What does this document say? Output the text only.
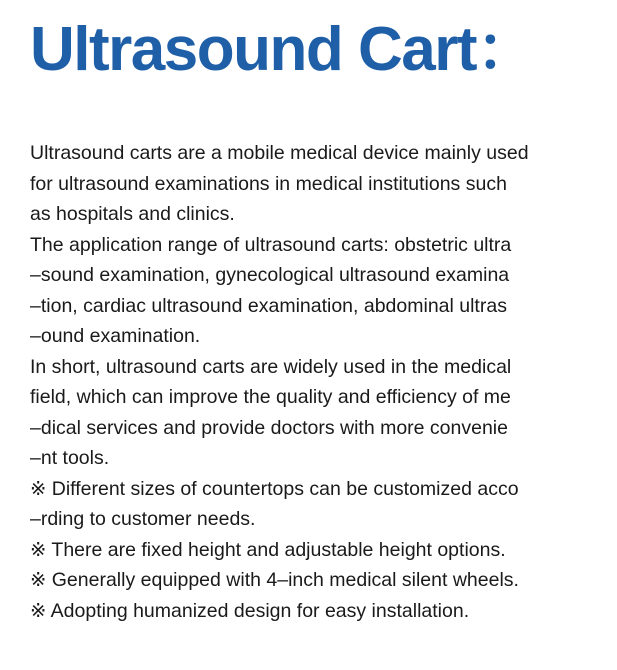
Ultrasound Cart：
Ultrasound carts are a mobile medical device mainly used
for ultrasound examinations in medical institutions such
as hospitals and clinics.
The application range of ultrasound carts: obstetric ultra
–sound examination, gynecological ultrasound examina
–tion, cardiac ultrasound examination, abdominal ultras
–ound examination.
In short, ultrasound carts are widely used in the medical
field, which can improve the quality and efficiency of me
–dical services and provide doctors with more convenie
–nt tools.
※ Different sizes of countertops can be customized acco
–rding to customer needs.
※ There are fixed height and adjustable height options.
※ Generally equipped with 4–inch medical silent wheels.
※ Adopting humanized design for easy installation.
